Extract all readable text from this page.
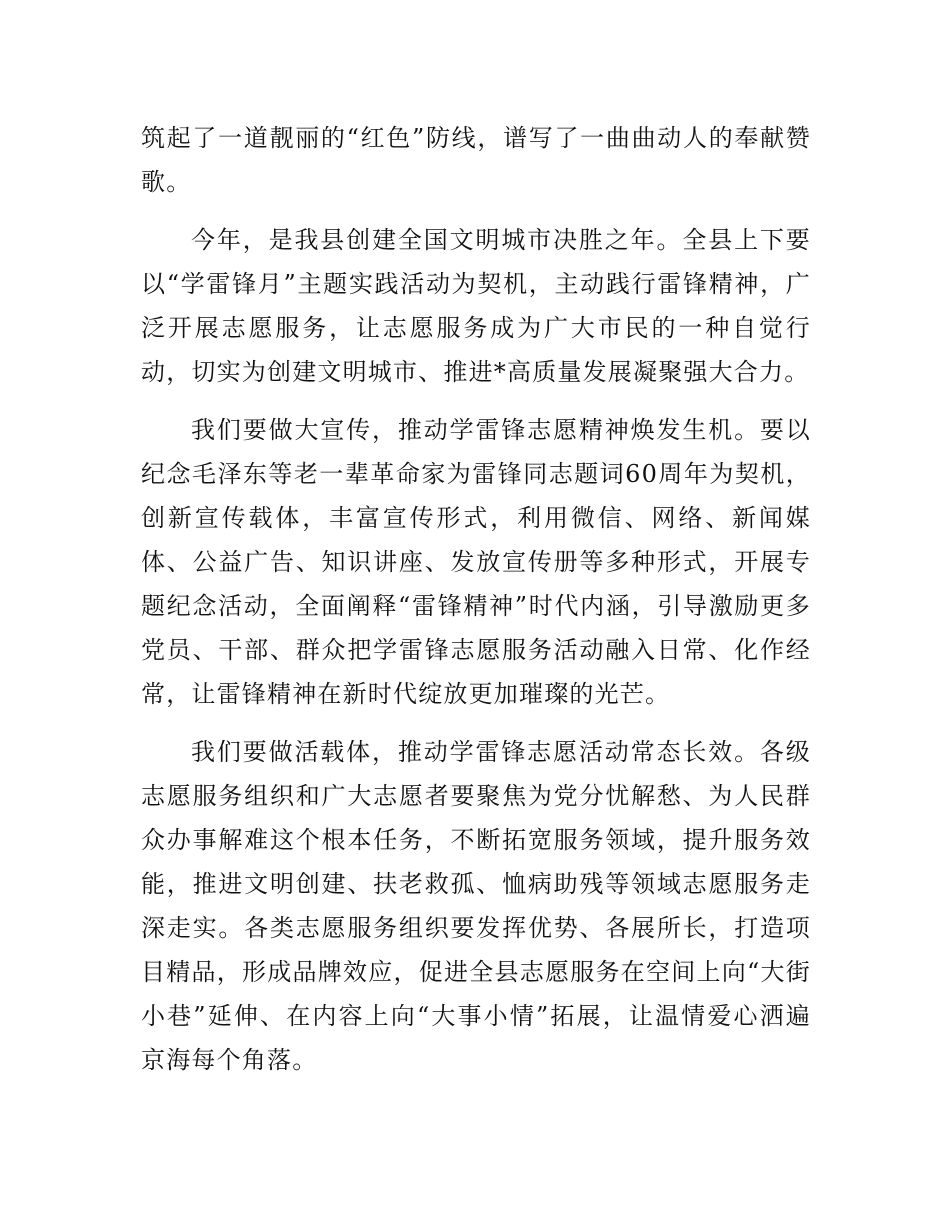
筑起了一道靓丽的“红色”防线，谱写了一曲曲动人的奉献赞歌。

今年，是我县创建全国文明城市决胜之年。全县上下要以“学雷锋月”主题实践活动为契机，主动践行雷锋精神，广泛开展志愿服务，让志愿服务成为广大市民的一种自觉行动，切实为创建文明城市、推进*高质量发展凝聚强大合力。

我们要做大宣传，推动学雷锋志愿精神焕发生机。要以纪念毛泽东等老一辈革命家为雷锋同志题词60周年为契机，创新宣传载体，丰富宣传形式，利用微信、网络、新闻媒体、公益广告、知识讲座、发放宣传册等多种形式，开展专题纪念活动，全面阐释“雷锋精神”时代内涵，引导激励更多党员、干部、群众把学雷锋志愿服务活动融入日常、化作经常，让雷锋精神在新时代绽放更加璀璨的光芒。

我们要做活载体，推动学雷锋志愿活动常态长效。各级志愿服务组织和广大志愿者要聚焦为党分忧解愁、为人民群众办事解难这个根本任务，不断拓宽服务领域，提升服务效能，推进文明创建、扶老救孤、恤病助残等领域志愿服务走深走实。各类志愿服务组织要发挥优势、各展所长，打造项目精品，形成品牌效应，促进全县志愿服务在空间上向“大街小巷”延伸、在内容上向“大事小情”拓展，让温情爱心洒遍京海每个角落。
